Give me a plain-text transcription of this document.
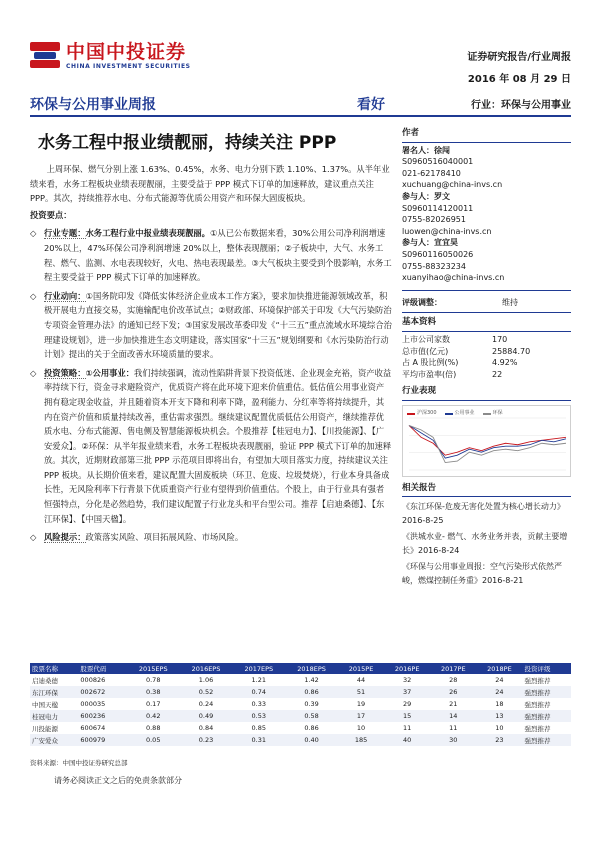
中国中投证券
CHINA INVESTMENT SECURITIES
证券研究报告/行业周报
2016 年 08 月 29 日
环保与公用事业周报	看好	行业：环保与公用事业
水务工程中报业绩靓丽，持续关注 PPP

上周环保、燃气分别上涨 1.63%、0.45%，水务、电力分别下跌 1.10%、1.37%。从半年业绩来看，水务工程板块业绩表现靓丽，主要受益于 PPP 模式下订单的加速释放，建议重点关注 PPP。其次，持续推荐水电、分布式能源等优质公用资产和环保大固废板块。

投资要点：
◇ 行业专题：水务工程行业中报业绩表现靓丽。①从已公布数据来看，30%公用公司净利润增速 20%以上，47%环保公司净利润增速 20%以上，整体表现靓丽；②子板块中，大气、水务工程、燃气、监测、水电表现较好，火电、热电表现最差。③大气板块主要受到个股影响，水务工程主要受益于 PPP 模式下订单的加速释放。
◇ 行业动向：①国务院印发《降低实体经济企业成本工作方案》，要求加快推进能源领域改革，积极开展电力直接交易，实施输配电价改革试点；②财政部、环境保护部关于印发《大气污染防治专项资金管理办法》的通知已经下发；③国家发展改革委印发《“十三五”重点流域水环境综合治理建设规划》，进一步加快推进生态文明建设，落实国家“十三五”规划纲要和《水污染防治行动计划》提出的关于全面改善水环境质量的要求。
◇ 投资策略：①公用事业：我们持续强调，流动性陷阱背景下投资低迷、企业现金充裕，资产收益率持续下行，资金寻求避险资产，优质资产将在此环境下迎来价值重估。低估值公用事业资产拥有稳定现金收益，并且随着资本开支下降和利率下降，盈利能力、分红率等将持续提升，其内在资产价值和质量持续改善，重估需求强烈。继续建议配置优质低估公用资产，继续推荐优质水电、分布式能源、售电侧及智慧能源板块机会。个股推荐【桂冠电力】、【川投能源】、【广安爱众】。②环保：从半年报业绩来看，水务工程板块表现靓丽，验证 PPP 模式下订单的加速释放。其次，近期财政部第三批 PPP 示范项目即将出台，有望加大项目落实力度，持续建议关注 PPP 板块。从长期价值来看，建议配置大固废板块（环卫、危废、垃圾焚烧），行业本身具备成长性，无风险利率下行背景下优质重资产行业有望得到价值重估。个股上，由于行业具有强者恒强特点，分化是必然趋势，我们建议配置子行业龙头和平台型公司。推荐【启迪桑德】、【东江环保】、【中国天楹】。
◇ 风险提示：政策落实风险、项目拓展风险、市场风险。
作者
署名人：徐闯
S0960516040001
021-62178410
xuchuang@china-invs.cn
参与人：罗文
S0960114120011
0755-82026951
luowen@china-invs.cn
参与人：宣宜昊
S0960116050026
0755-88323234
xuanyihao@china-invs.cn
评级调整：	维持
基本资料
上市公司家数	170
总市值(亿元)	25884.70
占 A 股比例(%)	4.92%
平均市盈率(倍)	22
行业表现
沪深300	公用事业	环保
相关报告
《东江环保-危废无害化处置为核心增长动力》2016-8-25
《洪城水业- 燃气、水务业务并表，贡献主要增长》2016-8-24
《环保与公用事业周报：空气污染形式依然严峻，燃煤控制任务重》2016-8-21
股票名称	股票代码	2015EPS	2016EPS	2017EPS	2018EPS	2015PE	2016PE	2017PE	2018PE	投资评级
启迪桑德	000826	0.78	1.06	1.21	1.42	44	32	28	24	强烈推荐
东江环保	002672	0.38	0.52	0.74	0.86	51	37	26	24	强烈推荐
中国天楹	000035	0.17	0.24	0.33	0.39	19	29	21	18	强烈推荐
桂冠电力	600236	0.42	0.49	0.53	0.58	17	15	14	13	强烈推荐
川投能源	600674	0.88	0.84	0.85	0.86	10	11	11	10	强烈推荐
广安爱众	600979	0.05	0.23	0.31	0.40	185	40	30	23	强烈推荐
资料来源：中国中投证券研究总部
请务必阅读正文之后的免责条款部分
